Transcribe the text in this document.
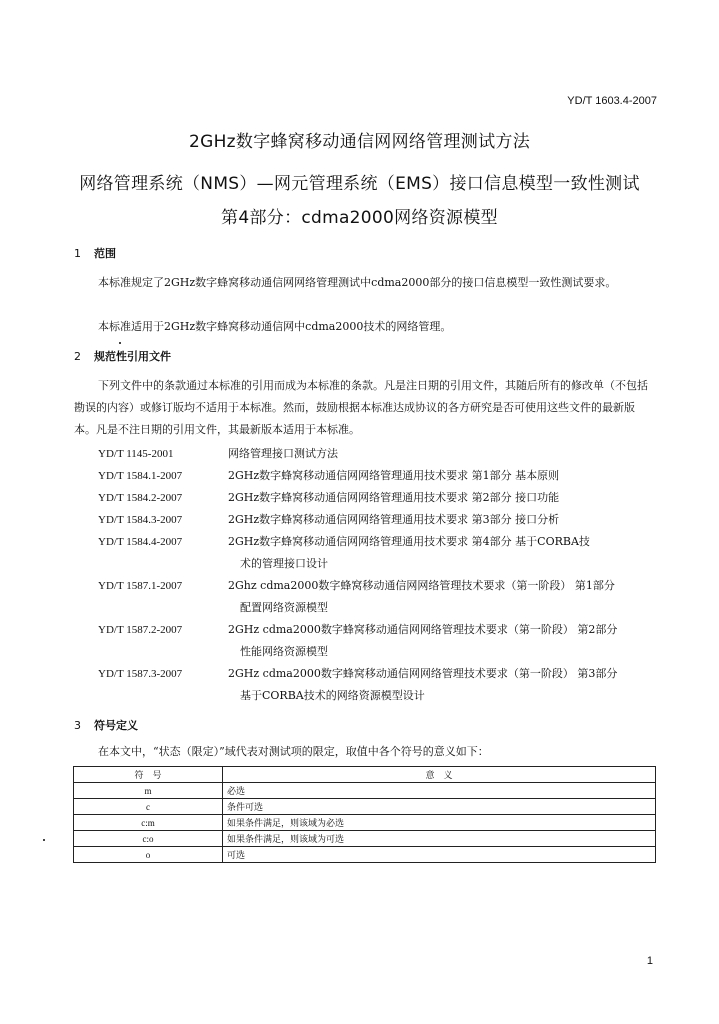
YD/T 1603.4-2007
2GHz数字蜂窝移动通信网网络管理测试方法
网络管理系统（NMS）—网元管理系统（EMS）接口信息模型一致性测试
第4部分：cdma2000网络资源模型
1 范围
本标准规定了2GHz数字蜂窝移动通信网网络管理测试中cdma2000部分的接口信息模型一致性测试要求。
本标准适用于2GHz数字蜂窝移动通信网中cdma2000技术的网络管理。
2 规范性引用文件
下列文件中的条款通过本标准的引用而成为本标准的条款。凡是注日期的引用文件，其随后所有的修改单（不包括勘误的内容）或修订版均不适用于本标准。然而，鼓励根据本标准达成协议的各方研究是否可使用这些文件的最新版本。凡是不注日期的引用文件，其最新版本适用于本标准。
YD/T 1145-2001	网络管理接口测试方法
YD/T 1584.1-2007	2GHz数字蜂窝移动通信网网络管理通用技术要求 第1部分 基本原则
YD/T 1584.2-2007	2GHz数字蜂窝移动通信网网络管理通用技术要求 第2部分 接口功能
YD/T 1584.3-2007	2GHz数字蜂窝移动通信网网络管理通用技术要求 第3部分 接口分析
YD/T 1584.4-2007	2GHz数字蜂窝移动通信网网络管理通用技术要求 第4部分 基于CORBA技
术的管理接口设计
YD/T 1587.1-2007	2Ghz cdma2000数字蜂窝移动通信网网络管理技术要求（第一阶段） 第1部分
配置网络资源模型
YD/T 1587.2-2007	2GHz cdma2000数字蜂窝移动通信网网络管理技术要求（第一阶段） 第2部分
性能网络资源模型
YD/T 1587.3-2007	2GHz cdma2000数字蜂窝移动通信网网络管理技术要求（第一阶段） 第3部分
基于CORBA技术的网络资源模型设计
3 符号定义
在本文中，“状态（限定）”域代表对测试项的限定，取值中各个符号的意义如下：
符　号	意　义
m	必选
c	条件可选
c:m	如果条件满足，则该域为必选
c:o	如果条件满足，则该域为可选
o	可选
1
